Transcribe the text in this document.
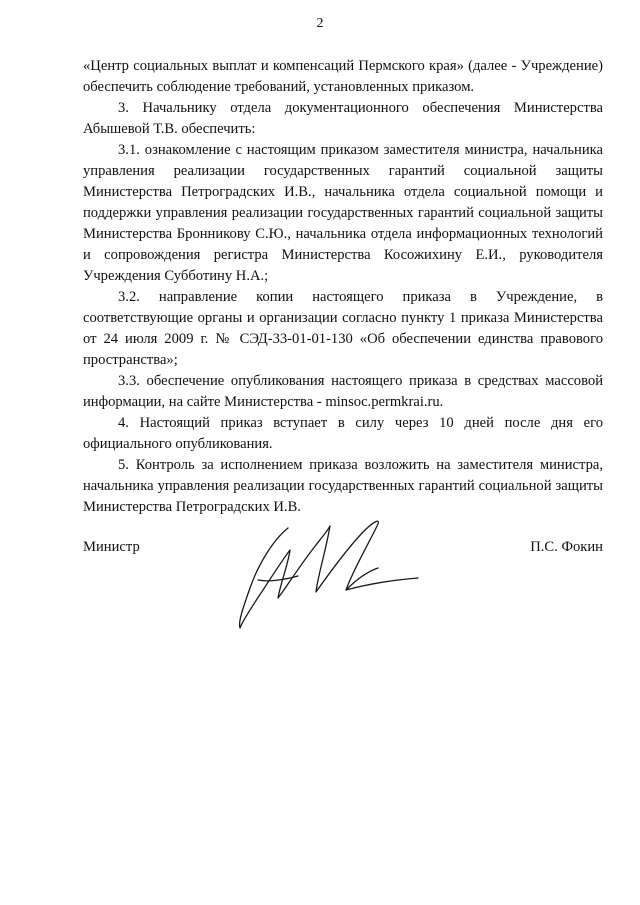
2

«Центр социальных выплат и компенсаций Пермского края» (далее - Учреждение) обеспечить соблюдение требований, установленных приказом.

3. Начальнику отдела документационного обеспечения Министерства Абышевой Т.В. обеспечить:

3.1. ознакомление с настоящим приказом заместителя министра, начальника управления реализации государственных гарантий социальной защиты Министерства Петроградских И.В., начальника отдела социальной помощи и поддержки управления реализации государственных гарантий социальной защиты Министерства Бронникову С.Ю., начальника отдела информационных технологий и сопровождения регистра Министерства Косожихину Е.И., руководителя Учреждения Субботину Н.А.;

3.2. направление копии настоящего приказа в Учреждение, в соответствующие органы и организации согласно пункту 1 приказа Министерства от 24 июля 2009 г. № СЭД-33-01-01-130 «Об обеспечении единства правового пространства»;

3.3. обеспечение опубликования настоящего приказа в средствах массовой информации, на сайте Министерства - minsoc.permkrai.ru.

4. Настоящий приказ вступает в силу через 10 дней после дня его официального опубликования.

5. Контроль за исполнением приказа возложить на заместителя министра, начальника управления реализации государственных гарантий социальной защиты Министерства Петроградских И.В.

Министр	П.С. Фокин
